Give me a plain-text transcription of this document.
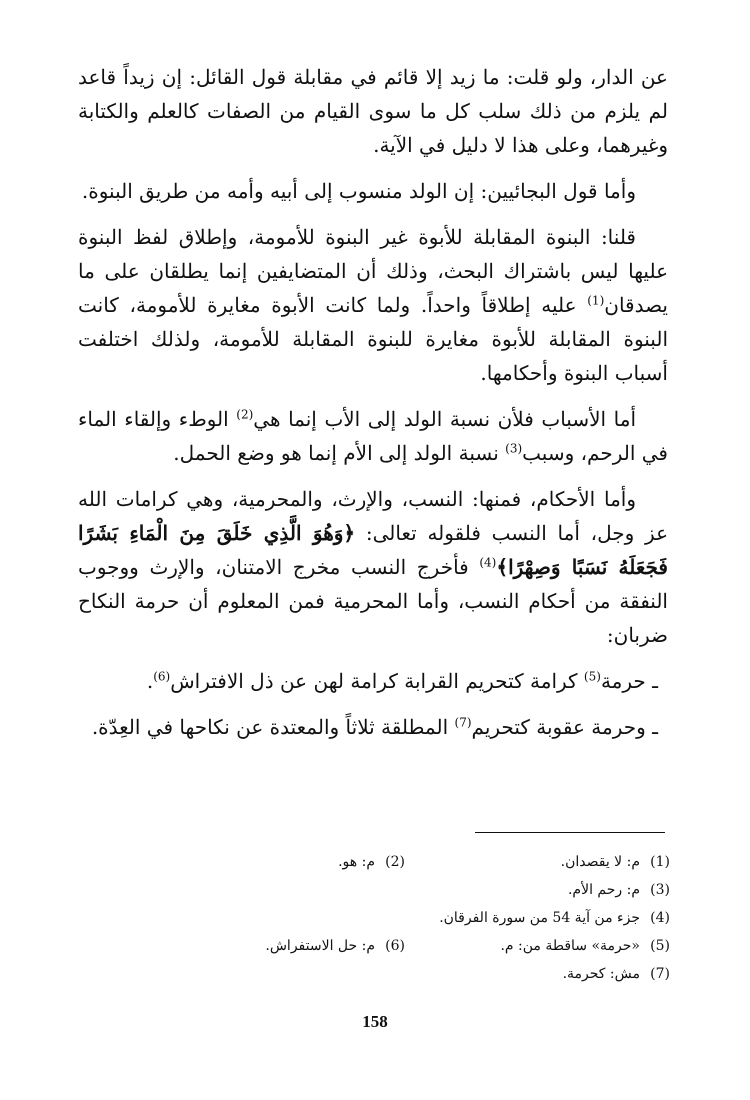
عن الدار، ولو قلت: ما زيد إلا قائم في مقابلة قول القائل: إن زيداً قاعد لم يلزم من ذلك سلب كل ما سوى القيام من الصفات كالعلم والكتابة وغيرهما، وعلى هذا لا دليل في الآية.

وأما قول البجائيين: إن الولد منسوب إلى أبيه وأمه من طريق البنوة.

قلنا: البنوة المقابلة للأبوة غير البنوة للأمومة، وإطلاق لفظ البنوة عليها ليس باشتراك البحث، وذلك أن المتضايفين إنما يطلقان على ما يصدقان$^{(1)}$ عليه إطلاقاً واحداً. ولما كانت الأبوة مغايرة للأمومة، كانت البنوة المقابلة للأبوة مغايرة للبنوة المقابلة للأمومة، ولذلك اختلفت أسباب البنوة وأحكامها.

أما الأسباب فلأن نسبة الولد إلى الأب إنما هي$^{(2)}$ الوطء وإلقاء الماء في الرحم، وسبب$^{(3)}$ نسبة الولد إلى الأم إنما هو وضع الحمل.

وأما الأحكام، فمنها: النسب، والإرث، والمحرمية، وهي كرامات الله عز وجل، أما النسب فلقوله تعالى: ﴿وَهُوَ الَّذِي خَلَقَ مِنَ الْمَاءِ بَشَرًا فَجَعَلَهُ نَسَبًا وَصِهْرًا﴾$^{(4)}$ فأخرج النسب مخرج الامتنان، والإرث ووجوب النفقة من أحكام النسب، وأما المحرمية فمن المعلوم أن حرمة النكاح ضربان:

ـ حرمة$^{(5)}$ كرامة كتحريم القرابة كرامة لهن عن ذل الافتراش$^{(6)}$.

ـ وحرمة عقوبة كتحريم$^{(7)}$ المطلقة ثلاثاً والمعتدة عن نكاحها في العِدّة.

(1)م: لا يقصدان.
(2)م: هو.
(3)م: رحم الأم.
(4)جزء من آية 54 من سورة الفرقان.
(5)«حرمة» ساقطة من: م.
(6)م: حل الاستفراش.
(7)مش: كحرمة.
158
